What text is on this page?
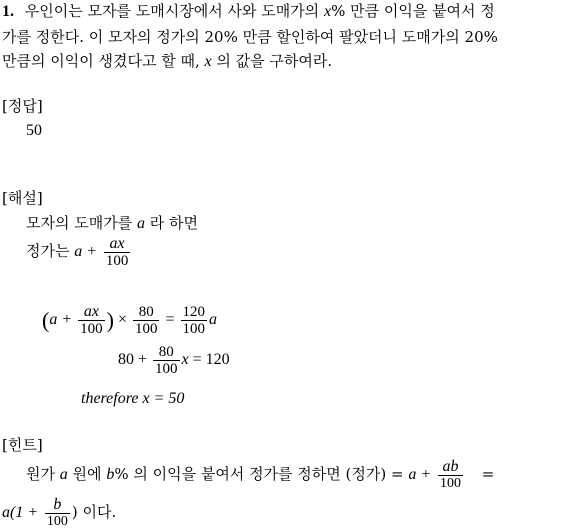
1. 우인이는 모자를 도매시장에서 사와 도매가의 x% 만큼 이익을 붙여서 정
가를 정한다. 이 모자의 정가의 20% 만큼 할인하여 팔았더니 도매가의 20%
만큼의 이익이 생겼다고 할 때, x 의 값을 구하여라.
[정답]
50
[해설]
모자의 도매가를 a 라 하면
정가는 $a + \frac{ax}{100}$
($a + \frac{ax}{100}$ ) × $\frac{80}{100} = \frac{120}{100}$ a
$80 + \frac{80}{100}$ x = 120
therefore x = 50
[힌트]
원가 a 원에 b% 의 이익을 붙여서 정가를 정하면 (정가) = $a + \frac{ab}{100}$ =
$a(1 + \frac{b}{100}$ ) 이다.
